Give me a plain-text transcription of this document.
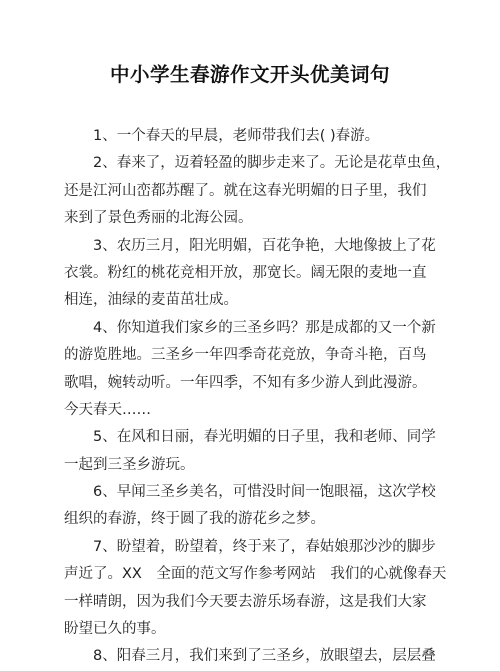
中小学生春游作文开头优美词句

1、一个春天的早晨，老师带我们去( )春游。

2、春来了，迈着轻盈的脚步走来了。无论是花草虫鱼，
还是江河山峦都苏醒了。就在这春光明媚的日子里，我们
来到了景色秀丽的北海公园。

3、农历三月，阳光明媚，百花争艳，大地像披上了花
衣裳。粉红的桃花竞相开放，那宽长。阔无限的麦地一直
相连，油绿的麦苗茁壮成。

4、你知道我们家乡的三圣乡吗？那是成都的又一个新
的游览胜地。三圣乡一年四季奇花竞放，争奇斗艳，百鸟
歌唱，婉转动听。一年四季，不知有多少游人到此漫游。
今天春天……

5、在风和日丽，春光明媚的日子里，我和老师、同学
一起到三圣乡游玩。

6、早闻三圣乡美名，可惜没时间一饱眼福，这次学校
组织的春游，终于圆了我的游花乡之梦。

7、盼望着，盼望着，终于来了，春姑娘那沙沙的脚步
声近了。XX　全面的范文写作参考网站　我们的心就像春天
一样晴朗，因为我们今天要去游乐场春游，这是我们大家
盼望已久的事。

8、阳春三月，我们来到了三圣乡，放眼望去，层层叠
